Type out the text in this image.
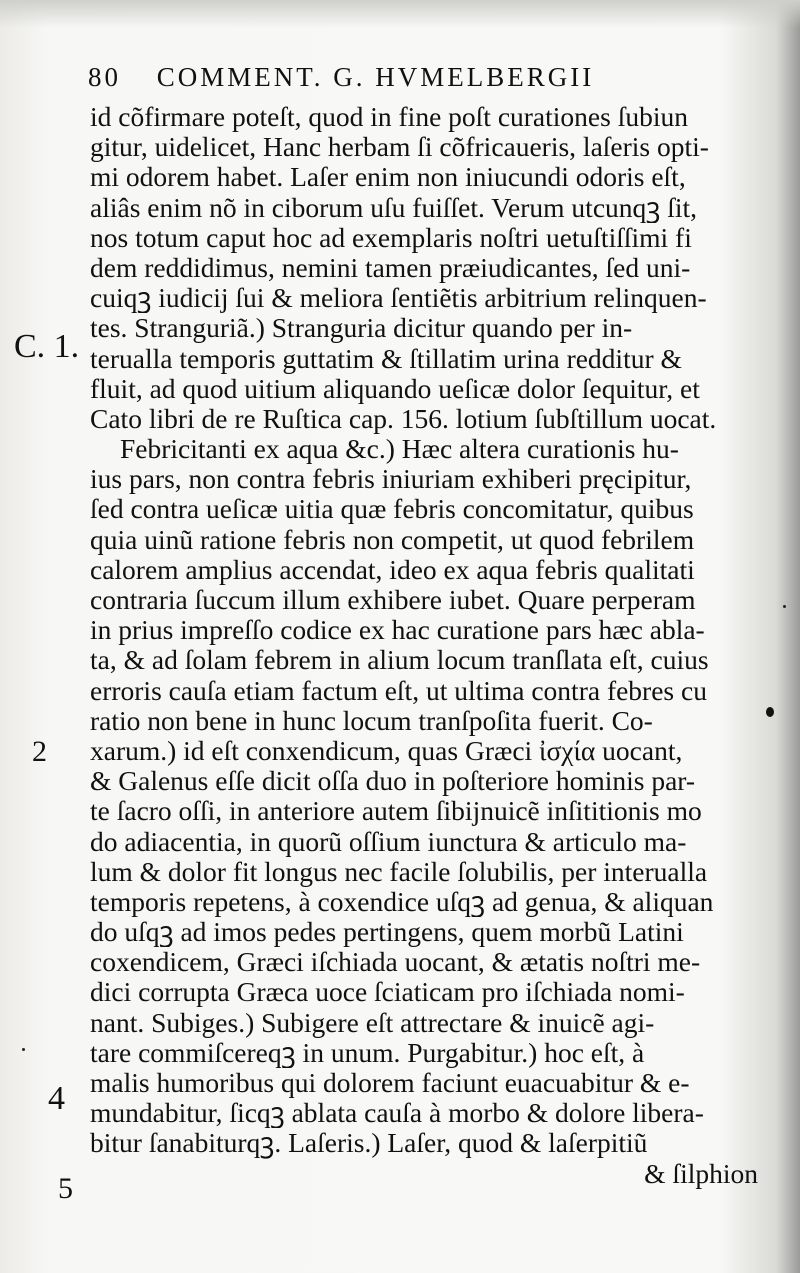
80 COMMENT. G. HVMELBERGII
id cõfirmare poteſt, quod in fine poſt curationes ſubiun
gitur, uidelicet, Hanc herbam ſi cõfricaueris, laſeris opti-
mi odorem habet. Laſer enim non iniucundi odoris eſt,
aliâs enim nõ in ciborum uſu fuiſſet. Verum utcunqꝫ ſit,
nos totum caput hoc ad exemplaris noſtri uetuſtiſſimi fi
dem reddidimus, nemini tamen præiudicantes, ſed uni-
cuiqꝫ iudicij ſui & meliora ſentiẽtis arbitrium relinquen-
tes. Stranguriã.) Stranguria dicitur quando per in-
terualla temporis guttatim & ſtillatim urina redditur &
fluit, ad quod uitium aliquando ueſicæ dolor ſequitur, et
Cato libri de re Ruſtica cap. 156. lotium ſubſtillum uocat.
Febricitanti ex aqua &c.) Hæc altera curationis hu-
ius pars, non contra febris iniuriam exhiberi pręcipitur,
ſed contra ueſicæ uitia quæ febris concomitatur, quibus
quia uinũ ratione febris non competit, ut quod febrilem
calorem amplius accendat, ideo ex aqua febris qualitati
contraria ſuccum illum exhibere iubet. Quare perperam
in prius impreſſo codice ex hac curatione pars hæc abla-
ta, & ad ſolam febrem in alium locum tranſlata eſt, cuius
erroris cauſa etiam factum eſt, ut ultima contra febres cu
ratio non bene in hunc locum tranſpoſita fuerit. Co-
xarum.) id eſt conxendicum, quas Græci ἰσχία uocant,
& Galenus eſſe dicit oſſa duo in poſteriore hominis par-
te ſacro oſſi, in anteriore autem ſibijnuicẽ inſititionis mo
do adiacentia, in quorũ oſſium iunctura & articulo ma-
lum & dolor fit longus nec facile ſolubilis, per interualla
temporis repetens, à coxendice uſqꝫ ad genua, & aliquan
do uſqꝫ ad imos pedes pertingens, quem morbũ Latini
coxendicem, Græci iſchiada uocant, & ætatis noſtri me-
dici corrupta Græca uoce ſciaticam pro iſchiada nomi-
nant. Subiges.) Subigere eſt attrectare & inuicẽ agi-
tare commiſcereqꝫ in unum. Purgabitur.) hoc eſt, à
malis humoribus qui dolorem faciunt euacuabitur & e-
mundabitur, ſicqꝫ ablata cauſa à morbo & dolore libera-
bitur ſanabiturqꝫ. Laſeris.) Laſer, quod & laſerpitiũ
& ſilphion
C. 1.
2
4
5
